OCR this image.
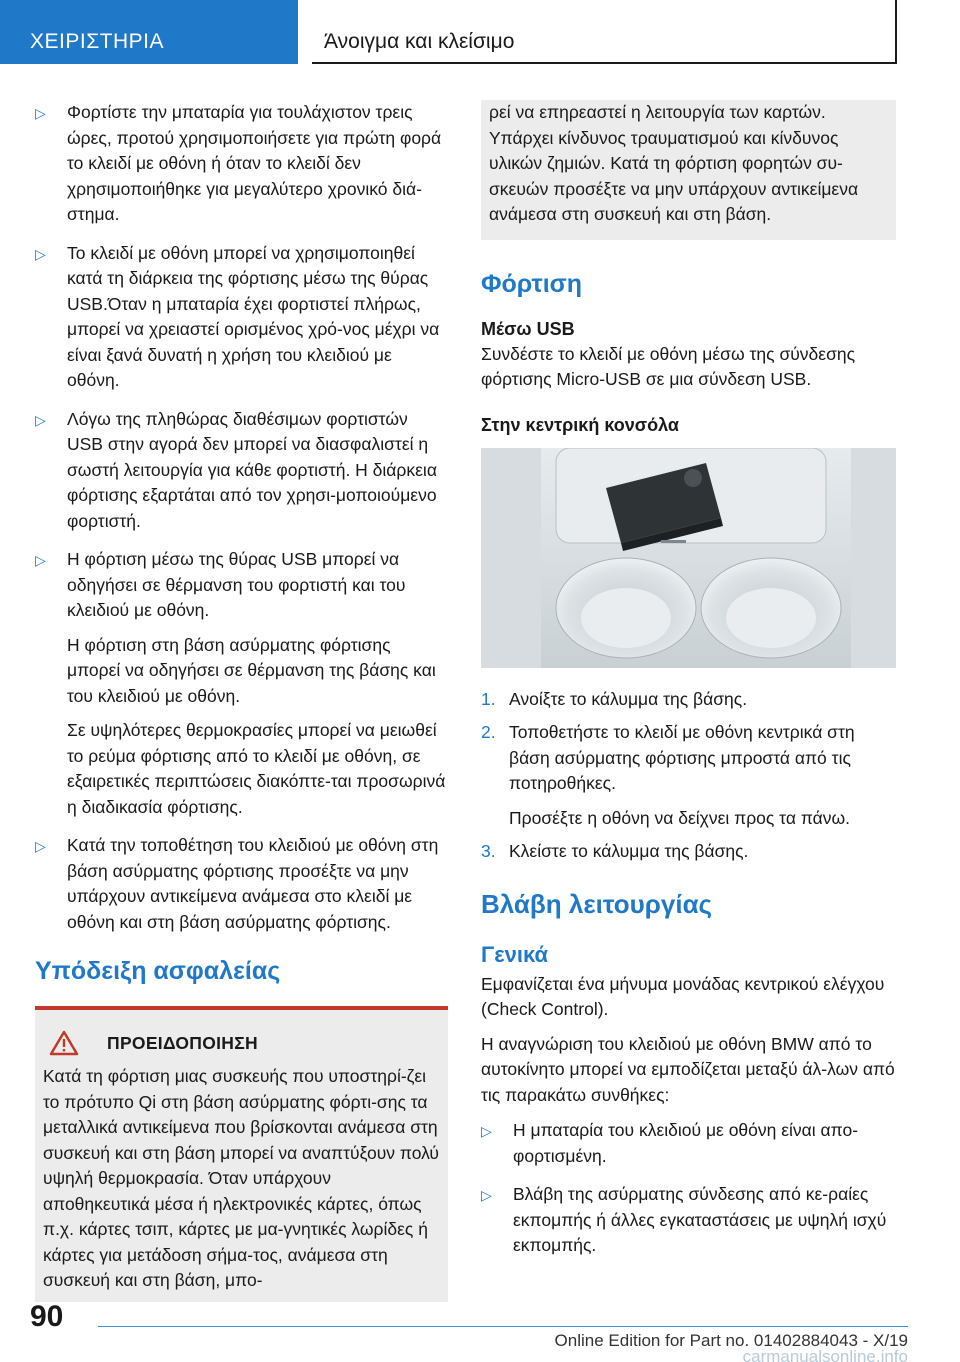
ΧΕΙΡΙΣΤΗΡΙΑ	Άνοιγμα και κλείσιμο
▷ Φορτίστε την μπαταρία για τουλάχιστον τρεις ώρες, προτού χρησιμοποιήσετε για πρώτη φορά το κλειδί με οθόνη ή όταν το κλειδί δεν χρησιμοποιήθηκε για μεγαλύτερο χρονικό διά-στημα.
▷ Το κλειδί με οθόνη μπορεί να χρησιμοποιηθεί κατά τη διάρκεια της φόρτισης μέσω της θύρας USB.Όταν η μπαταρία έχει φορτιστεί πλήρως, μπορεί να χρειαστεί ορισμένος χρό-νος μέχρι να είναι ξανά δυνατή η χρήση του κλειδιού με οθόνη.
▷ Λόγω της πληθώρας διαθέσιμων φορτιστών USB στην αγορά δεν μπορεί να διασφαλιστεί η σωστή λειτουργία για κάθε φορτιστή. Η διάρκεια φόρτισης εξαρτάται από τον χρησι-μοποιούμενο φορτιστή.
▷ Η φόρτιση μέσω της θύρας USB μπορεί να οδηγήσει σε θέρμανση του φορτιστή και του κλειδιού με οθόνη.

Η φόρτιση στη βάση ασύρματης φόρτισης μπορεί να οδηγήσει σε θέρμανση της βάσης και του κλειδιού με οθόνη.

Σε υψηλότερες θερμοκρασίες μπορεί να μειωθεί το ρεύμα φόρτισης από το κλειδί με οθόνη, σε εξαιρετικές περιπτώσεις διακόπτε-ται προσωρινά η διαδικασία φόρτισης.

▷ Κατά την τοποθέτηση του κλειδιού με οθόνη στη βάση ασύρματης φόρτισης προσέξτε να μην υπάρχουν αντικείμενα ανάμεσα στο κλειδί με οθόνη και στη βάση ασύρματης φόρτισης.
Υπόδειξη ασφαλείας
ΠΡΟΕΙΔΟΠΟΙΗΣΗ

Κατά τη φόρτιση μιας συσκευής που υποστηρί-ζει το πρότυπο Qi στη βάση ασύρματης φόρτι-σης τα μεταλλικά αντικείμενα που βρίσκονται ανάμεσα στη συσκευή και στη βάση μπορεί να αναπτύξουν πολύ υψηλή θερμοκρασία. Όταν υπάρχουν αποθηκευτικά μέσα ή ηλεκτρονικές κάρτες, όπως π.χ. κάρτες τσιπ, κάρτες με μα-γνητικές λωρίδες ή κάρτες για μετάδοση σήμα-τος, ανάμεσα στη συσκευή και στη βάση, μπο-

ρεί να επηρεαστεί η λειτουργία των καρτών. Υπάρχει κίνδυνος τραυματισμού και κίνδυνος υλικών ζημιών. Κατά τη φόρτιση φορητών συ-σκευών προσέξτε να μην υπάρχουν αντικείμενα ανάμεσα στη συσκευή και στη βάση.

Φόρτιση
Μέσω USB

Συνδέστε το κλειδί με οθόνη μέσω της σύνδεσης φόρτισης Micro-USB σε μια σύνδεση USB.

Στην κεντρική κονσόλα
1. Ανοίξτε το κάλυμμα της βάσης.
2. Τοποθετήστε το κλειδί με οθόνη κεντρικά στη βάση ασύρματης φόρτισης μπροστά από τις ποτηροθήκες.

Προσέξτε η οθόνη να δείχνει προς τα πάνω.

3. Κλείστε το κάλυμμα της βάσης.
Βλάβη λειτουργίας
Γενικά

Εμφανίζεται ένα μήνυμα μονάδας κεντρικού ελέγχου (Check Control).

Η αναγνώριση του κλειδιού με οθόνη BMW από το αυτοκίνητο μπορεί να εμποδίζεται μεταξύ άλ-λων από τις παρακάτω συνθήκες:

▷ Η μπαταρία του κλειδιού με οθόνη είναι απο-φορτισμένη.
▷ Βλάβη της ασύρματης σύνδεσης από κε-ραίες εκπομπής ή άλλες εγκαταστάσεις με υψηλή ισχύ εκπομπής.
90
Online Edition for Part no. 01402884043 - X/19
carmanualsonline.info
